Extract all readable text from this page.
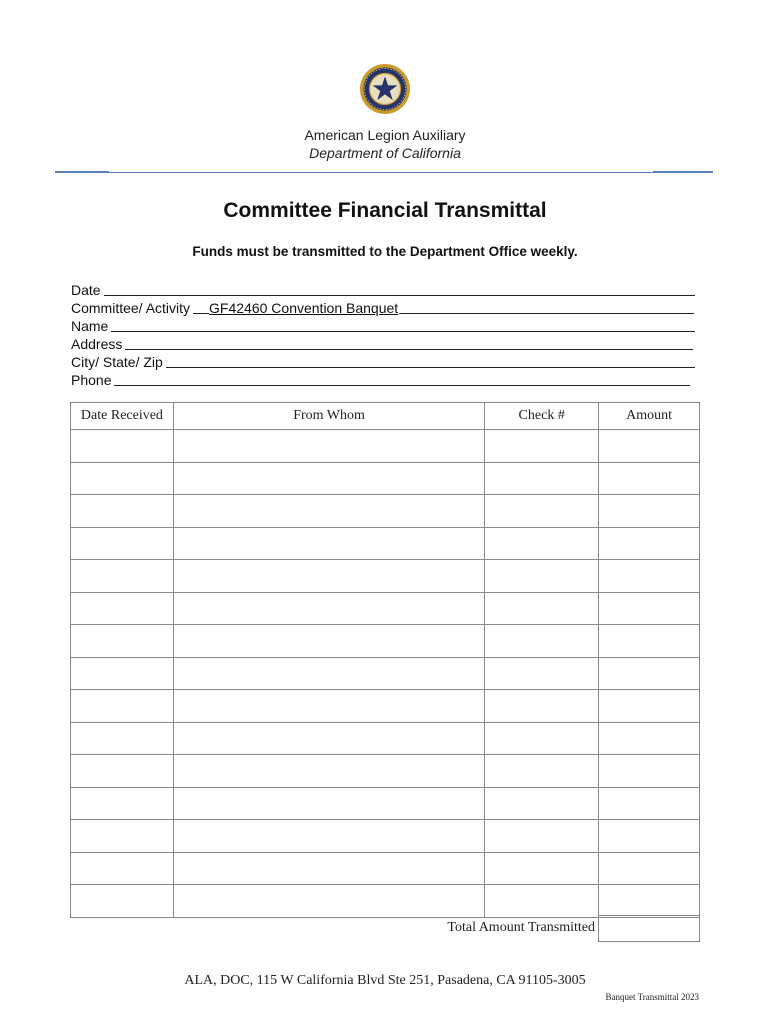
American Legion Auxiliary
Department of California
Committee Financial Transmittal
Funds must be transmitted to the Department Office weekly.
Date
Committee/ Activity GF42460 Convention Banquet
Name
Address
City/ State/ Zip
Phone
Date Received	From Whom	Check #	Amount

Total Amount Transmitted
ALA, DOC, 115 W California Blvd Ste 251, Pasadena, CA 91105-3005
Banquet Transmittal 2023
